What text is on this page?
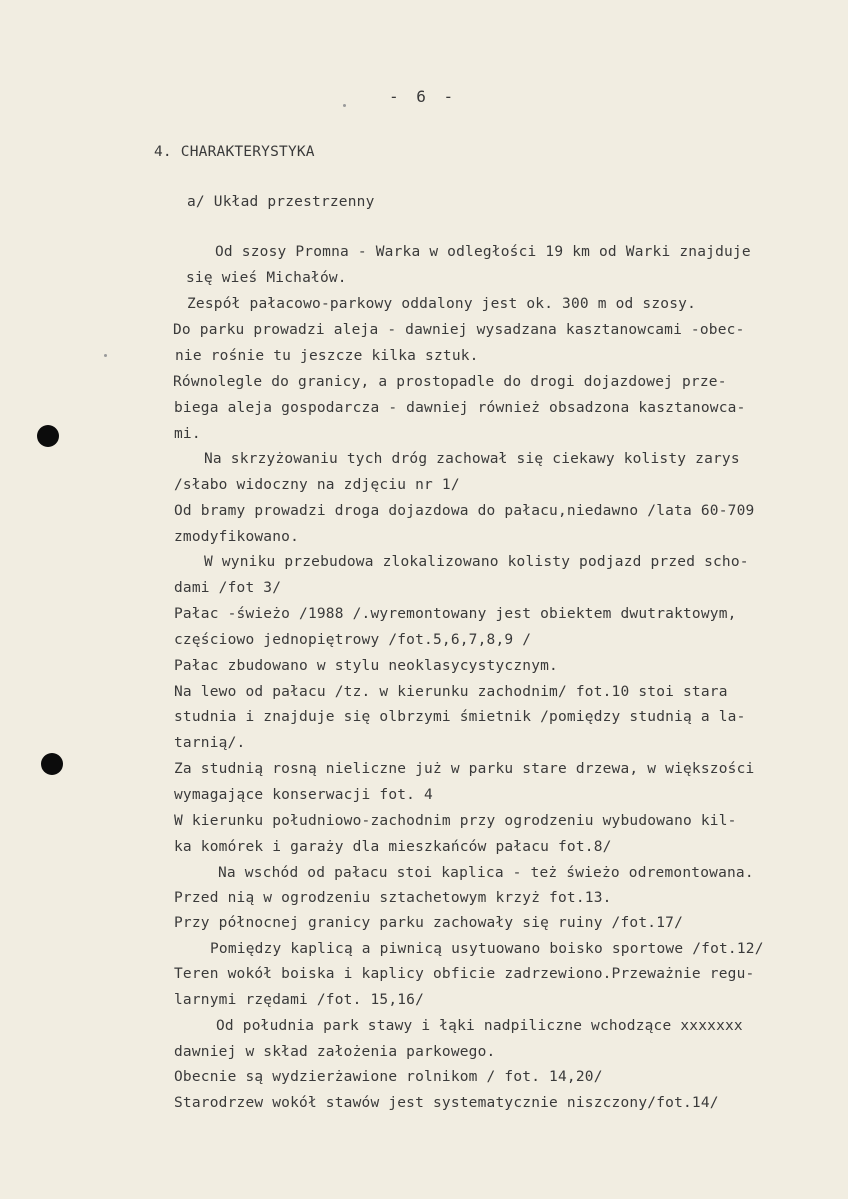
- 6 -
4. CHARAKTERYSTYKA
a/ Układ przestrzenny
Od szosy Promna - Warka w odległości 19 km od Warki znajduje
się wieś Michałów.
Zespół pałacowo-parkowy oddalony jest ok. 300 m od szosy.
Do parku prowadzi aleja - dawniej wysadzana kasztanowcami -obec-
nie rośnie tu jeszcze kilka sztuk.
Równolegle do granicy, a prostopadle do drogi dojazdowej prze-
biega aleja gospodarcza - dawniej również obsadzona kasztanowca-
mi.
Na skrzyżowaniu tych dróg zachował się ciekawy kolisty zarys
/słabo widoczny na zdjęciu nr 1/
Od bramy prowadzi droga dojazdowa do pałacu,niedawno /lata 60-709
zmodyfikowano.
W wyniku przebudowa zlokalizowano kolisty podjazd przed scho-
dami /fot 3/
Pałac -świeżo /1988 /.wyremontowany jest obiektem dwutraktowym,
częściowo jednopiętrowy /fot.5,6,7,8,9 /
Pałac zbudowano w stylu neoklasycystycznym.
Na lewo od pałacu /tz. w kierunku zachodnim/ fot.10 stoi stara
studnia i znajduje się olbrzymi śmietnik /pomiędzy studnią a la-
tarnią/.
Za studnią rosną nieliczne już w parku stare drzewa, w większości
wymagające konserwacji fot. 4
W kierunku południowo-zachodnim przy ogrodzeniu wybudowano kil-
ka komórek i garaży dla mieszkańców pałacu fot.8/
Na wschód od pałacu stoi kaplica - też świeżo odremontowana.
Przed nią w ogrodzeniu sztachetowym krzyż fot.13.
Przy północnej granicy parku zachowały się ruiny /fot.17/
Pomiędzy kaplicą a piwnicą usytuowano boisko sportowe /fot.12/
Teren wokół boiska i kaplicy obficie zadrzewiono.Przeważnie regu-
larnymi rzędami /fot. 15,16/
Od południa park stawy i łąki nadpiliczne wchodzące xxxxxxx
dawniej w skład założenia parkowego.
Obecnie są wydzierżawione rolnikom / fot. 14,20/
Starodrzew wokół stawów jest systematycznie niszczony/fot.14/
